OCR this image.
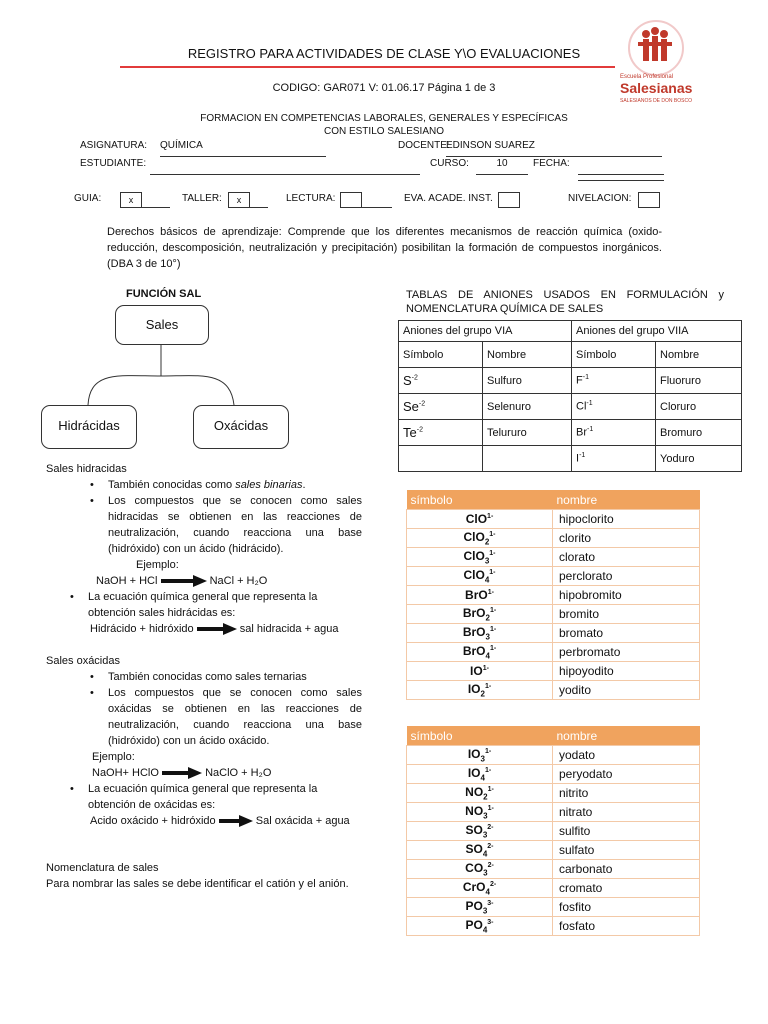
REGISTRO PARA ACTIVIDADES DE CLASE Y\O EVALUACIONES
Escuela Profesional
Salesianas
SALESIANOS DE DON BOSCO
CODIGO: GAR071 V: 01.06.17 Página 1 de 3
FORMACION EN COMPETENCIAS LABORALES, GENERALES Y ESPECÍFICAS
CON ESTILO SALESIANO
ASIGNATURA: QUÍMICA	DOCENTE:
EDINSON SUAREZ
ESTUDIANTE:	CURSO:	10	FECHA:
GUIA:	x	TALLER:	x	LECTURA:	EVA. ACADE. INST.	NIVELACION:
Derechos básicos de aprendizaje: Comprende que los diferentes mecanismos de reacción química (oxido-reducción, descomposición, neutralización y precipitación) posibilitan la formación de compuestos inorgánicos. (DBA 3 de 10°)
FUNCIÓN SAL
Sales
Hidrácidas	Oxácidas
Sales hidracidas
• También conocidas como sales binarias.
• Los compuestos que se conocen como sales hidracidas se obtienen en las reacciones de neutralización, cuando reacciona una base (hidróxido) con un ácido (hidrácido).
Ejemplo:
NaOH + HCl	NaCl + H₂O
• La ecuación química general que representa la obtención sales hidrácidas es:
Hidrácido + hidróxido	sal hidracida + agua
Sales oxácidas
• También conocidas como sales ternarias
• Los compuestos que se conocen como sales oxácidas se obtienen en las reacciones de neutralización, cuando reacciona una base (hidróxido) con un ácido oxácido.
Ejemplo:
NaOH+ HClO	NaClO + H₂O
• La ecuación química general que representa la obtención de oxácidas es:
Acido oxácido + hidróxido	Sal oxácida + agua
Nomenclatura de sales
Para nombrar las sales se debe identificar el catión y el anión.
TABLAS DE ANIONES USADOS EN FORMULACIÓN y NOMENCLATURA QUÍMICA DE SALES
Aniones del grupo VIA		Aniones del grupo VIIA	
Símbolo	Nombre	Símbolo	Nombre
$S^{-2}$	Sulfuro	$F^{-1}$	Fluoruro
$Se^{-2}$	Selenuro	$Cl^{-1}$	Cloruro
$Te^{-2}$	Telururo	$Br^{-1}$	Bromuro
		$I^{-1}$	Yoduro
símbolo	nombre
ClO$^{1-}$	hipoclorito
ClO$_2^{1-}$	clorito
ClO$_3^{1-}$	clorato
ClO$_4^{1-}$	perclorato
BrO$^{1-}$	hipobromito
BrO$_2^{1-}$	bromito
BrO$_3^{1-}$	bromato
BrO$_4^{1-}$	perbromato
$IO^{1-}$	hipoyodito
$IO_2^{1-}$	yodito
símbolo	nombre
$IO_3^{1-}$	yodato
$IO_4^{1-}$	peryodato
$NO_2^{1-}$	nitrito
$NO_3^{1-}$	nitrato
$SO_3^{2-}$	sulfito
$SO_4^{2-}$	sulfato
$CO_3^{2-}$	carbonato
CrO$_4^{2-}$	cromato
$PO_3^{3-}$	fosfito
$PO_4^{3-}$	fosfato
